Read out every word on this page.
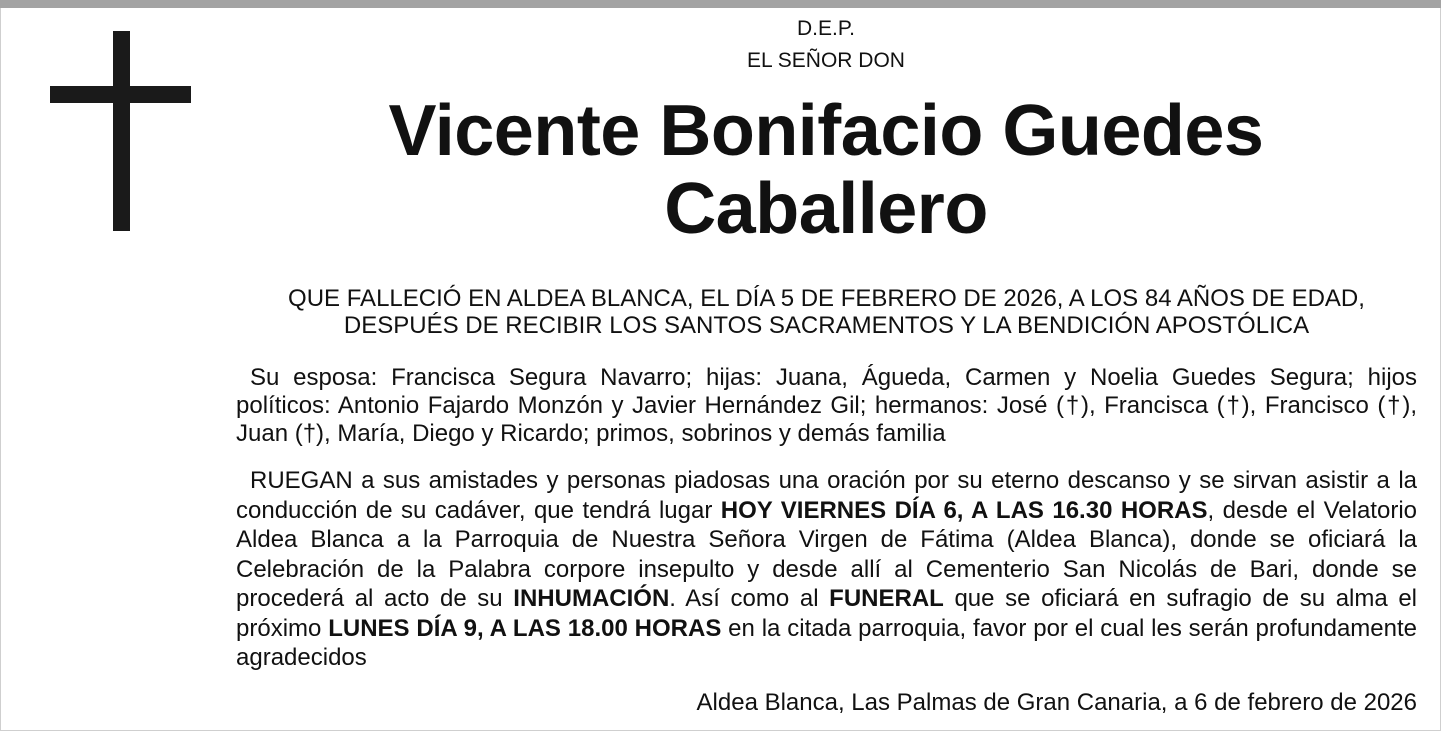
D.E.P.
EL SEÑOR DON
Vicente Bonifacio Guedes
Caballero
QUE FALLECIÓ EN ALDEA BLANCA, EL DÍA 5 DE FEBRERO DE 2026, A LOS 84 AÑOS DE EDAD, DESPUÉS DE RECIBIR LOS SANTOS SACRAMENTOS Y LA BENDICIÓN APOSTÓLICA
Su esposa: Francisca Segura Navarro; hijas: Juana, Águeda, Carmen y Noelia Guedes Segura; hijos políticos: Antonio Fajardo Monzón y Javier Hernández Gil; hermanos: José (†), Francisca (†), Francisco (†), Juan (†), María, Diego y Ricardo; primos, sobrinos y demás familia
RUEGAN a sus amistades y personas piadosas una oración por su eterno descanso y se sirvan asistir a la conducción de su cadáver, que tendrá lugar HOY VIERNES DÍA 6, A LAS 16.30 HORAS, desde el Velatorio Aldea Blanca a la Parroquia de Nuestra Señora Virgen de Fátima (Aldea Blanca), donde se oficiará la Celebración de la Palabra corpore insepulto y desde allí al Cementerio San Nicolás de Bari, donde se procederá al acto de su INHUMACIÓN. Así como al FUNERAL que se oficiará en sufragio de su alma el próximo LUNES DÍA 9, A LAS 18.00 HORAS en la citada parroquia, favor por el cual les serán profundamente agradecidos
Aldea Blanca, Las Palmas de Gran Canaria, a 6 de febrero de 2026
